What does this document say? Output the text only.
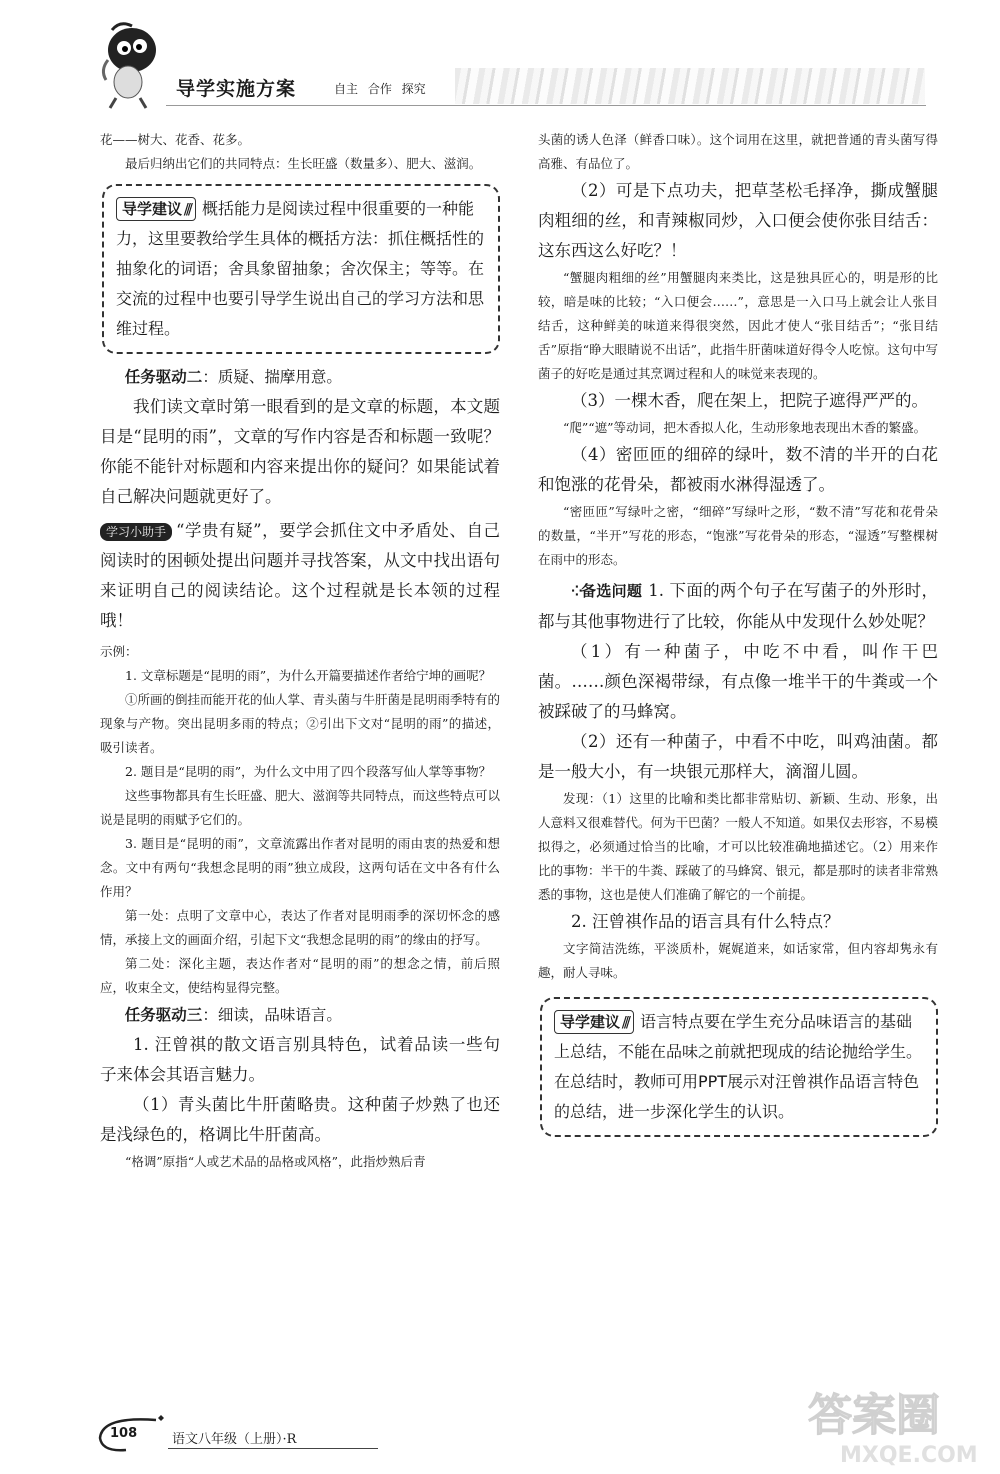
导学实施方案	自主 合作 探究

花——树大、花香、花多。

最后归纳出它们的共同特点：生长旺盛（数量多）、肥大、滋润。

导学建议 /// 概括能力是阅读过程中很重要的一种能力，这里要教给学生具体的概括方法：抓住概括性的抽象化的词语；舍具象留抽象；舍次保主；等等。在交流的过程中也要引导学生说出自己的学习方法和思维过程。

任务驱动二：质疑、揣摩用意。

我们读文章时第一眼看到的是文章的标题，本文题目是“昆明的雨”，文章的写作内容是否和标题一致呢？你能不能针对标题和内容来提出你的疑问？如果能试着自己解决问题就更好了。

学习小助手 “学贵有疑”，要学会抓住文中矛盾处、自己阅读时的困顿处提出问题并寻找答案，从文中找出语句来证明自己的阅读结论。这个过程就是长本领的过程哦！

示例：

1. 文章标题是“昆明的雨”，为什么开篇要描述作者给宁坤的画呢？

①所画的倒挂而能开花的仙人掌、青头菌与牛肝菌是昆明雨季特有的现象与产物。突出昆明多雨的特点；②引出下文对“昆明的雨”的描述，吸引读者。

2. 题目是“昆明的雨”，为什么文中用了四个段落写仙人掌等事物？

这些事物都具有生长旺盛、肥大、滋润等共同特点，而这些特点可以说是昆明的雨赋予它们的。

3. 题目是“昆明的雨”，文章流露出作者对昆明的雨由衷的热爱和想念。文中有两句“我想念昆明的雨”独立成段，这两句话在文中各有什么作用？

第一处：点明了文章中心，表达了作者对昆明雨季的深切怀念的感情，承接上文的画面介绍，引起下文“我想念昆明的雨”的缘由的抒写。

第二处：深化主题，表达作者对“昆明的雨”的想念之情，前后照应，收束全文，使结构显得完整。

任务驱动三：细读，品味语言。

1. 汪曾祺的散文语言别具特色，试着品读一些句子来体会其语言魅力。

（1）青头菌比牛肝菌略贵。这种菌子炒熟了也还是浅绿色的，格调比牛肝菌高。

“格调”原指“人或艺术品的品格或风格”，此指炒熟后青

头菌的诱人色泽（鲜香口味）。这个词用在这里，就把普通的青头菌写得高雅、有品位了。

（2）可是下点功夫，把草茎松毛择净，撕成蟹腿肉粗细的丝，和青辣椒同炒，入口便会使你张目结舌：这东西这么好吃？！

“蟹腿肉粗细的丝”用蟹腿肉来类比，这是独具匠心的，明是形的比较，暗是味的比较；“入口便会……”，意思是一入口马上就会让人张目结舌，这种鲜美的味道来得很突然，因此才使人“张目结舌”；“张目结舌”原指“睁大眼睛说不出话”，此指牛肝菌味道好得令人吃惊。这句中写菌子的好吃是通过其烹调过程和人的味觉来表现的。

（3）一棵木香，爬在架上，把院子遮得严严的。

“爬”“遮”等动词，把木香拟人化，生动形象地表现出木香的繁盛。

（4）密匝匝的细碎的绿叶，数不清的半开的白花和饱涨的花骨朵，都被雨水淋得湿透了。

“密匝匝”写绿叶之密，“细碎”写绿叶之形，“数不清”写花和花骨朵的数量，“半开”写花的形态，“饱涨”写花骨朵的形态，“湿透”写整棵树在雨中的形态。

⁘备选问题 1. 下面的两个句子在写菌子的外形时，都与其他事物进行了比较，你能从中发现什么妙处呢？

（1）有一种菌子，中吃不中看，叫作干巴菌。……颜色深褐带绿，有点像一堆半干的牛粪或一个被踩破了的马蜂窝。

（2）还有一种菌子，中看不中吃，叫鸡油菌。都是一般大小，有一块银元那样大，滴溜儿圆。

发现：（1）这里的比喻和类比都非常贴切、新颖、生动、形象，出人意料又很难替代。何为干巴菌？一般人不知道。如果仅去形容，不易模拟得之，必须通过恰当的比喻，才可以比较准确地描述它。（2）用来作比的事物：半干的牛粪、踩破了的马蜂窝、银元，都是那时的读者非常熟悉的事物，这也是使人们准确了解它的一个前提。

2. 汪曾祺作品的语言具有什么特点？

文字简洁洗练，平淡质朴，娓娓道来，如话家常，但内容却隽永有趣，耐人寻味。

导学建议 /// 语言特点要在学生充分品味语言的基础上总结，不能在品味之前就把现成的结论抛给学生。在总结时，教师可用PPT展示对汪曾祺作品语言特色的总结，进一步深化学生的认识。
108	语文八年级（上册）·R	答案圈
MXQE.COM
